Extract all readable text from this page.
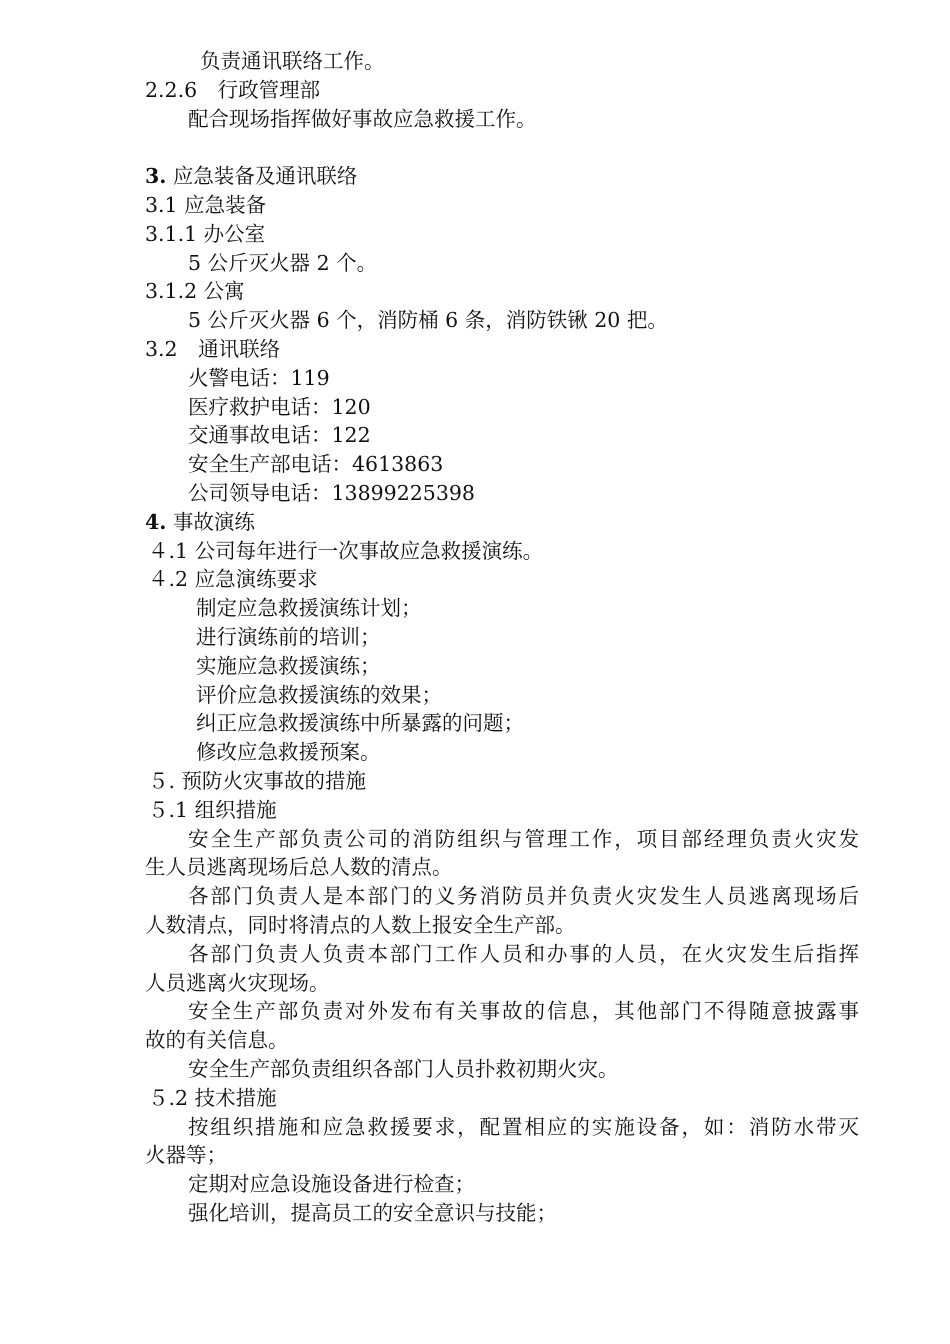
负责通讯联络工作。
2.2.6　行政管理部
配合现场指挥做好事故应急救援工作。
3. 应急装备及通讯联络
3.1 应急装备
3.1.1 办公室
5 公斤灭火器 2 个。
3.1.2 公寓
5 公斤灭火器 6 个，消防桶 6 条，消防铁锹 20 把。
3.2　通讯联络
火警电话：119
医疗救护电话：120
交通事故电话：122
安全生产部电话：4613863
公司领导电话：13899225398
4. 事故演练
４.1 公司每年进行一次事故应急救援演练。
４.2 应急演练要求
制定应急救援演练计划；
进行演练前的培训；
实施应急救援演练；
评价应急救援演练的效果；
纠正应急救援演练中所暴露的问题；
修改应急救援预案。
５. 预防火灾事故的措施
５.1 组织措施
安全生产部负责公司的消防组织与管理工作，项目部经理负责火灾发
生人员逃离现场后总人数的清点。
各部门负责人是本部门的义务消防员并负责火灾发生人员逃离现场后
人数清点，同时将清点的人数上报安全生产部。
各部门负责人负责本部门工作人员和办事的人员，在火灾发生后指挥
人员逃离火灾现场。
安全生产部负责对外发布有关事故的信息，其他部门不得随意披露事
故的有关信息。
安全生产部负责组织各部门人员扑救初期火灾。
５.2 技术措施
按组织措施和应急救援要求，配置相应的实施设备，如：消防水带灭
火器等；
定期对应急设施设备进行检查；
强化培训，提高员工的安全意识与技能；
